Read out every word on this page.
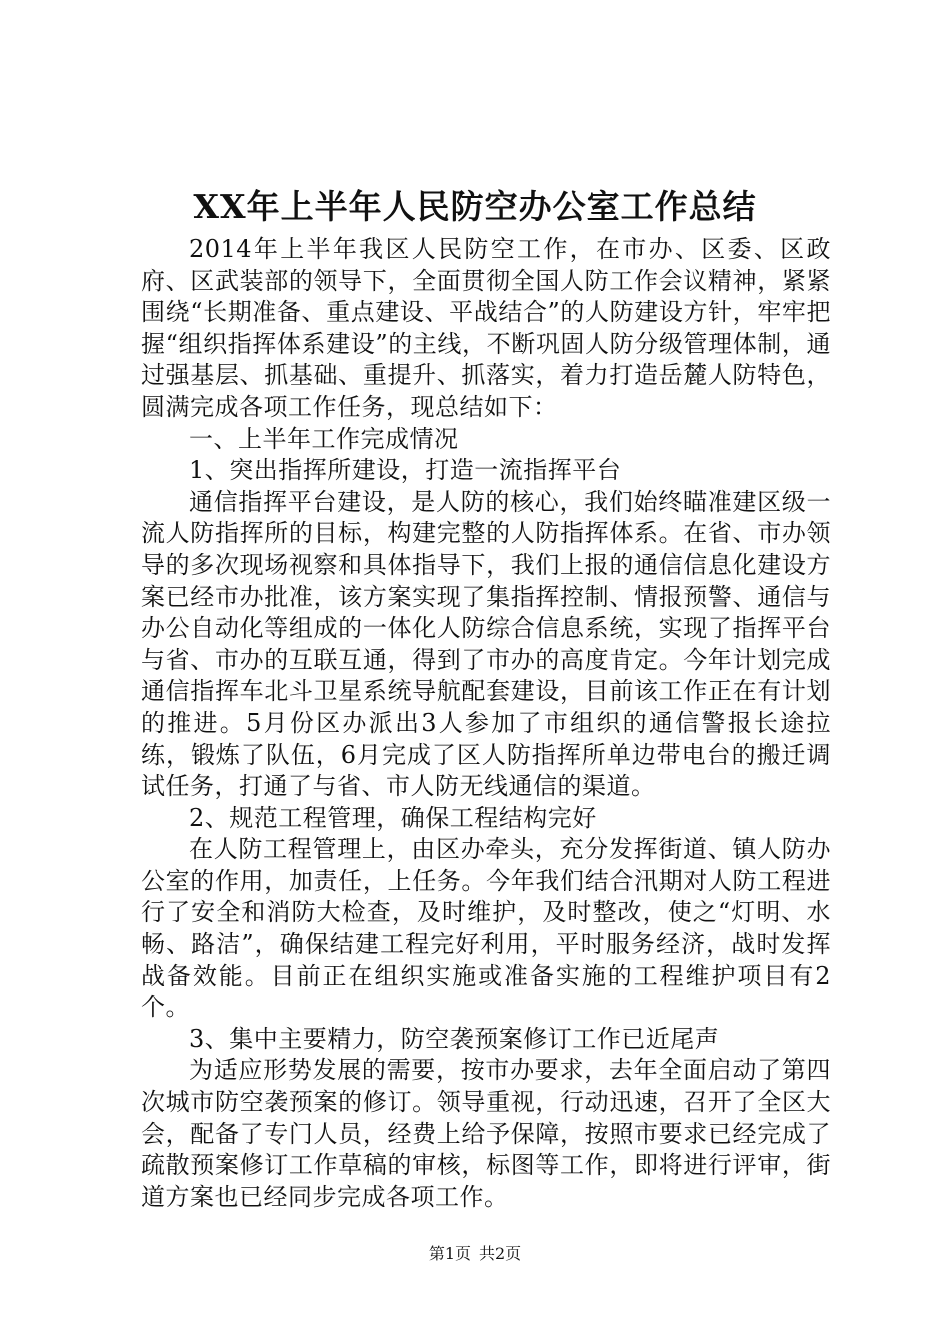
XX年上半年人民防空办公室工作总结

2014年上半年我区人民防空工作，在市办、区委、区政府、区武装部的领导下，全面贯彻全国人防工作会议精神，紧紧围绕“长期准备、重点建设、平战结合”的人防建设方针，牢牢把握“组织指挥体系建设”的主线，不断巩固人防分级管理体制，通过强基层、抓基础、重提升、抓落实，着力打造岳麓人防特色，圆满完成各项工作任务，现总结如下：

一、上半年工作完成情况

1、突出指挥所建设，打造一流指挥平台

通信指挥平台建设，是人防的核心，我们始终瞄准建区级一流人防指挥所的目标，构建完整的人防指挥体系。在省、市办领导的多次现场视察和具体指导下，我们上报的通信信息化建设方案已经市办批准，该方案实现了集指挥控制、情报预警、通信与办公自动化等组成的一体化人防综合信息系统，实现了指挥平台与省、市办的互联互通，得到了市办的高度肯定。今年计划完成通信指挥车北斗卫星系统导航配套建设，目前该工作正在有计划的推进。5月份区办派出3人参加了市组织的通信警报长途拉练，锻炼了队伍，6月完成了区人防指挥所单边带电台的搬迁调试任务，打通了与省、市人防无线通信的渠道。

2、规范工程管理，确保工程结构完好

在人防工程管理上，由区办牵头，充分发挥街道、镇人防办公室的作用，加责任，上任务。今年我们结合汛期对人防工程进行了安全和消防大检查，及时维护，及时整改，使之“灯明、水畅、路洁”，确保结建工程完好利用，平时服务经济，战时发挥战备效能。目前正在组织实施或准备实施的工程维护项目有2个。

3、集中主要精力，防空袭预案修订工作已近尾声

为适应形势发展的需要，按市办要求，去年全面启动了第四次城市防空袭预案的修订。领导重视，行动迅速，召开了全区大会，配备了专门人员，经费上给予保障，按照市要求已经完成了疏散预案修订工作草稿的审核，标图等工作，即将进行评审，街道方案也已经同步完成各项工作。

第1页 共2页
